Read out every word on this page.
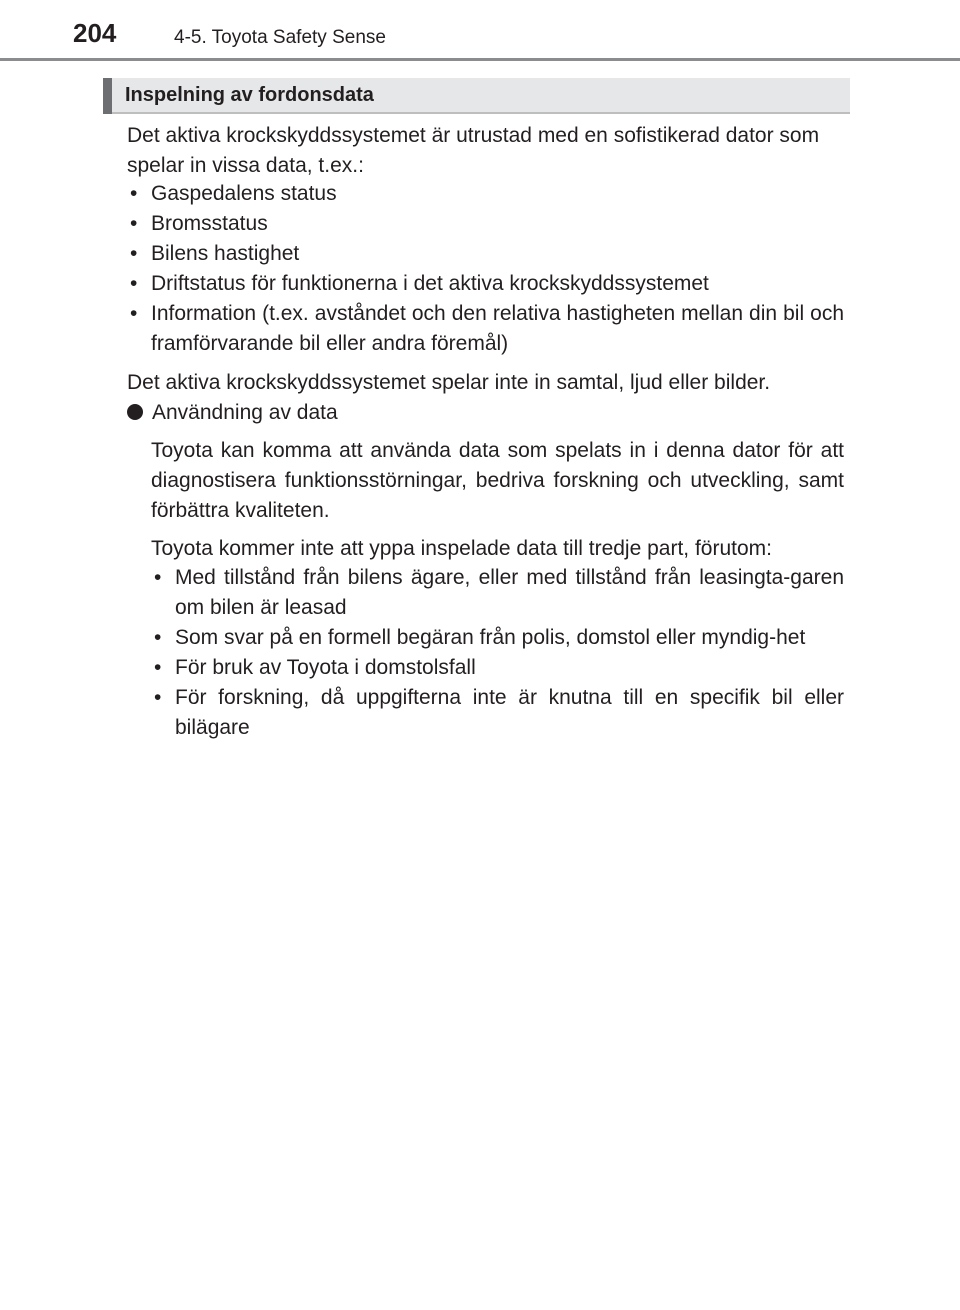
204	4-5. Toyota Safety Sense
Inspelning av fordonsdata
Det aktiva krockskyddssystemet är utrustad med en sofistikerad dator som spelar in vissa data, t.ex.:
• Gaspedalens status
• Bromsstatus
• Bilens hastighet
• Driftstatus för funktionerna i det aktiva krockskyddssystemet
• Information (t.ex. avståndet och den relativa hastigheten mellan din bil och framförvarande bil eller andra föremål)
Det aktiva krockskyddssystemet spelar inte in samtal, ljud eller bilder.
Användning av data
Toyota kan komma att använda data som spelats in i denna dator för att diagnostisera funktionsstörningar, bedriva forskning och utveckling, samt förbättra kvaliteten.
Toyota kommer inte att yppa inspelade data till tredje part, förutom:
• Med tillstånd från bilens ägare, eller med tillstånd från leasingta-garen om bilen är leasad
• Som svar på en formell begäran från polis, domstol eller myndig-het
• För bruk av Toyota i domstolsfall
• För forskning, då uppgifterna inte är knutna till en specifik bil eller bilägare
